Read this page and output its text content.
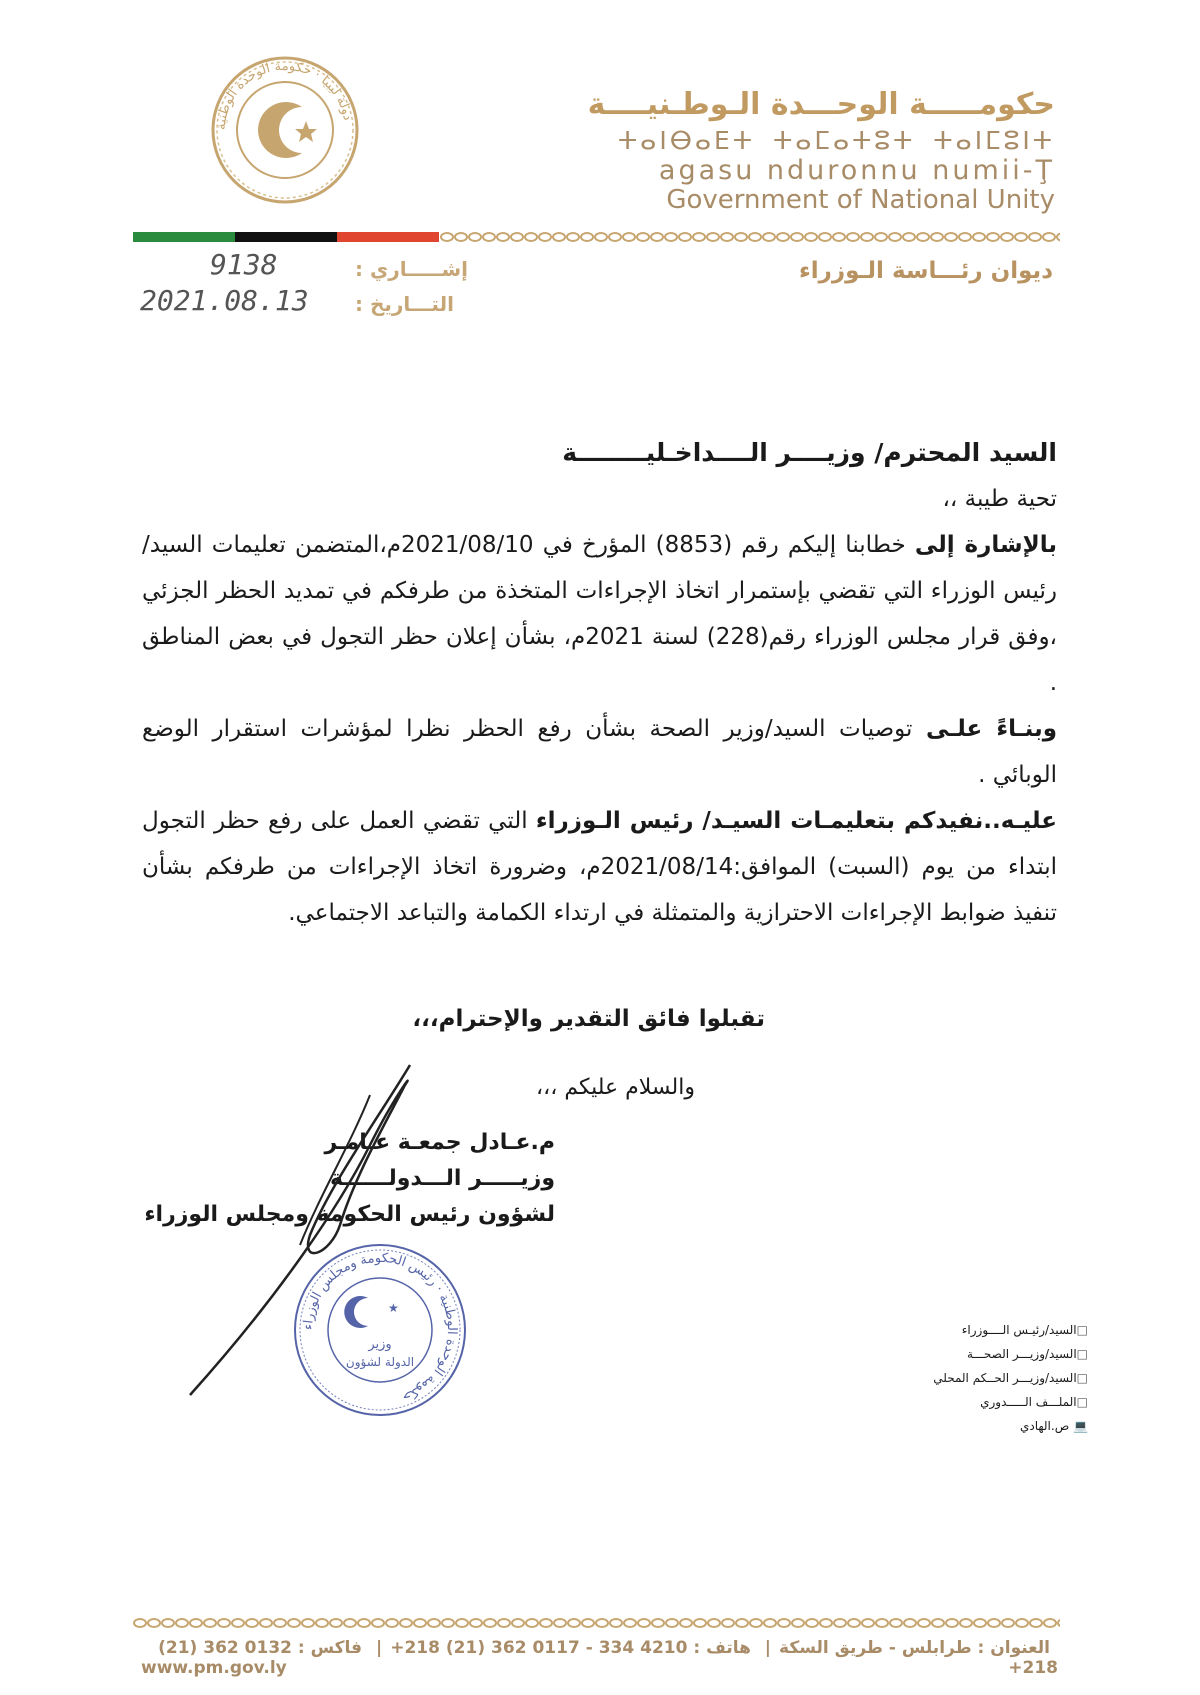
دولة ليبيا · حكومة الوحدة الوطنية	حكومـــــة الوحـــدة الـوطـنيــــة
ⵜⴰⵏⴱⴰⴹⵜ ⵜⴰⵎⴰⵜⵓⵜ ⵜⴰⵏⵎⵓⵏⵜ
agasu nduronnu numii-Ţ
Government of National Unity
ديوان رئـــاسة الـوزراء
إشـــــاري :
9138
التـــاريخ :
2021.08.13

السيد المحترم/ وزيــــر الــــداخـليــــــــة

تحية طيبة ،،

بالإشارة إلى خطابنا إليكم رقم (8853) المؤرخ في 2021/08/10م،المتضمن تعليمات السيد/رئيس الوزراء التي تقضي بإستمرار اتخاذ الإجراءات المتخذة من طرفكم في تمديد الحظر الجزئي ،وفق قرار مجلس الوزراء رقم(228) لسنة 2021م، بشأن إعلان حظر التجول في بعض المناطق .

وبنـاءً علـى توصيات السيد/وزير الصحة بشأن رفع الحظر نظرا لمؤشرات استقرار الوضع الوبائي .

عليـه..نفيدكم بتعليمـات السيـد/ رئيس الـوزراء التي تقضي العمل على رفع حظر التجول ابتداء من يوم (السبت) الموافق:2021/08/14م، وضرورة اتخاذ الإجراءات من طرفكم بشأن تنفيذ ضوابط الإجراءات الاحترازية والمتمثلة في ارتداء الكمامة والتباعد الاجتماعي.

تقبلوا فائق التقدير والإحترام،،،
والسلام عليكم ،،،
م.عـادل جمعـة عـامـر
وزيـــــر الـــدولــــــة
لشؤون رئيس الحكومة ومجلس الوزراء
حكومة الوحدة الوطنية · رئيس الحكومة ومجلس الوزراء
★
وزير
الدولة لشؤون
□ السيد/رئيـس الــــوزراء
□ السيد/وزيـــر الصحـــة
□ السيد/وزيـــر الحــكم المحلي
□ الملـــف الـــــدوري
💻 ص.الهادي
العنوان : طرابلس - طريق السكة| هاتف : 4210 334 - 0117 362 (21) 218+| فاكس : 0132 362 (21) 218+
www.pm.gov.ly
